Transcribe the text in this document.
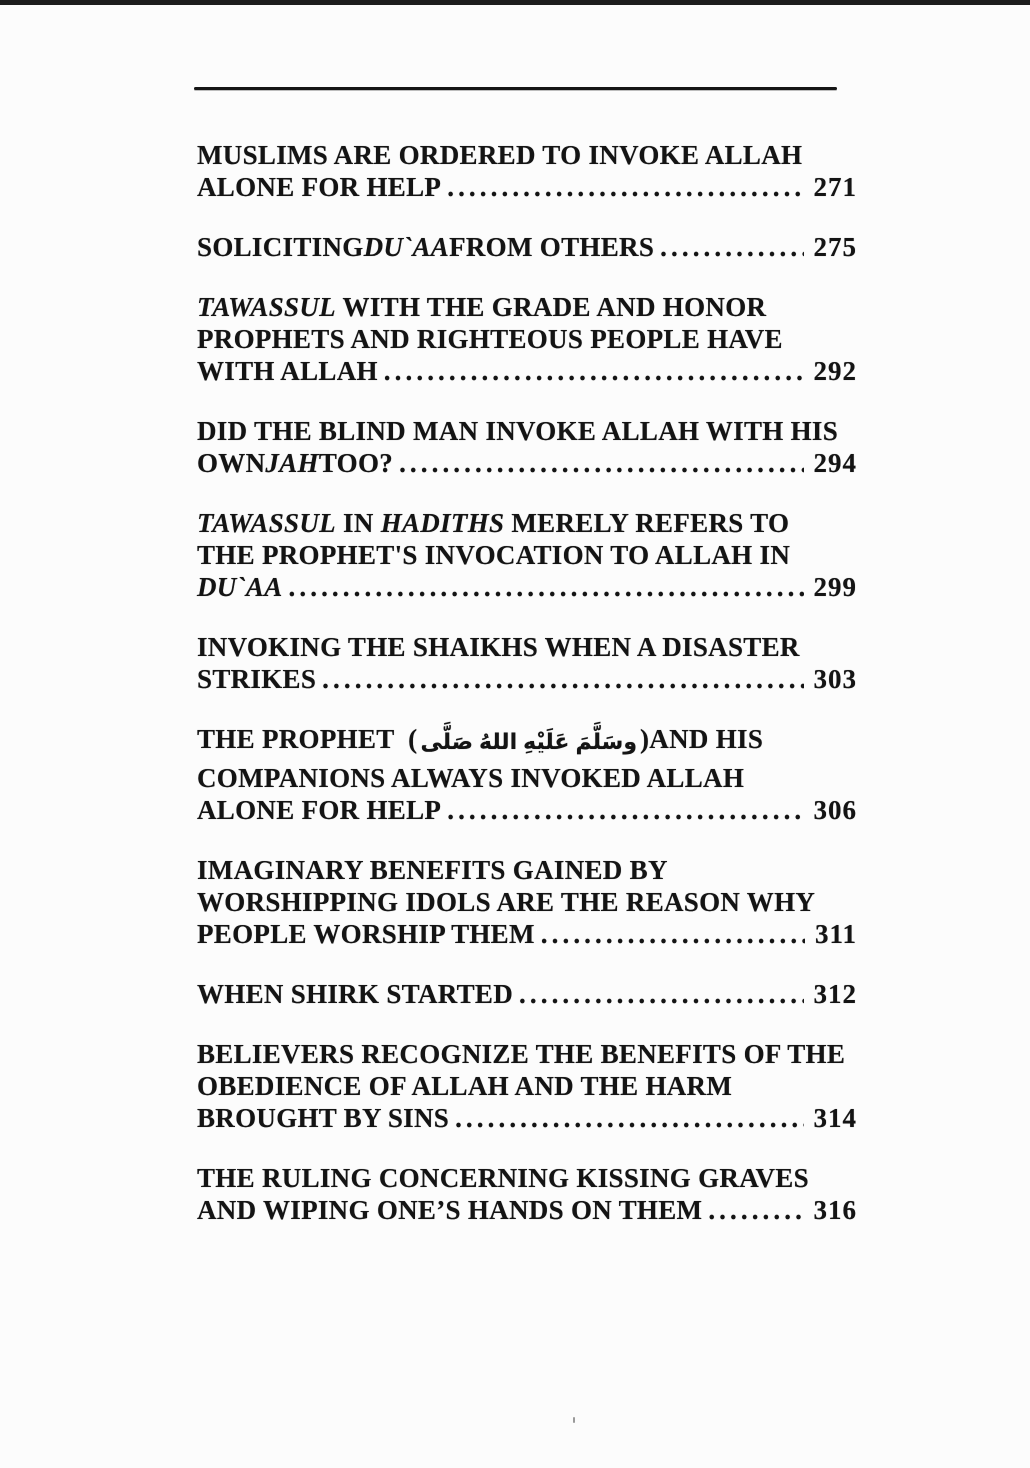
MUSLIMS ARE ORDERED TO INVOKE ALLAH
ALONE FOR HELP .....	271
SOLICITING DU`AA FROM OTHERS .....	275
TAWASSUL WITH THE GRADE AND HONOR
PROPHETS AND RIGHTEOUS PEOPLE HAVE
WITH ALLAH .....	292
DID THE BLIND MAN INVOKE ALLAH WITH HIS
OWN JAH TOO? .....	294
TAWASSUL IN HADITHS MERELY REFERS TO
THE PROPHET'S INVOCATION TO ALLAH IN
DU`AA .....	299
INVOKING THE SHAIKHS WHEN A DISASTER
STRIKES .....	303
THE PROPHET  ( صَلَّى اللهُ عَلَيْهِ وسَلَّمَ )AND HIS
COMPANIONS ALWAYS INVOKED ALLAH
ALONE FOR HELP .....	306
IMAGINARY BENEFITS GAINED BY
WORSHIPPING IDOLS ARE THE REASON WHY
PEOPLE WORSHIP THEM .....	311
WHEN SHIRK STARTED .....	312
BELIEVERS RECOGNIZE THE BENEFITS OF THE
OBEDIENCE OF ALLAH AND THE HARM
BROUGHT BY SINS .....	314
THE RULING CONCERNING KISSING GRAVES
AND WIPING ONE’S HANDS ON THEM .....	316
